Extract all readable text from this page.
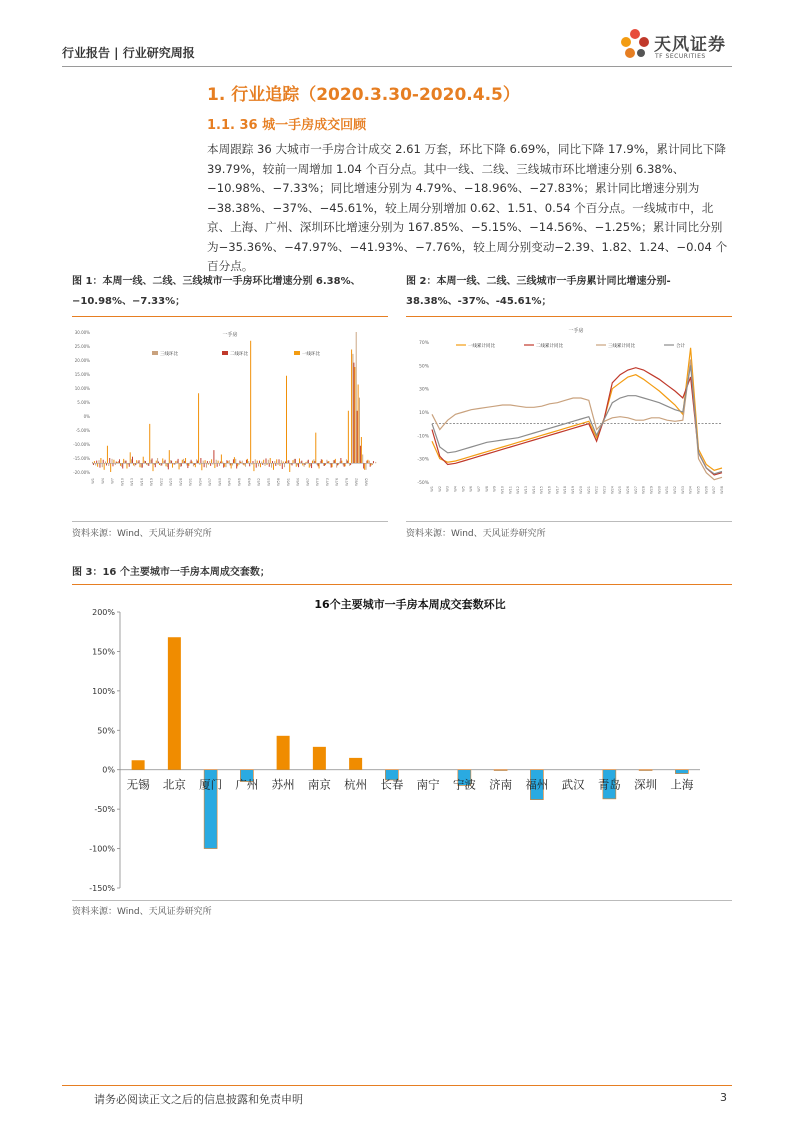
行业报告 | 行业研究周报	天风证券
TF SECURITIES
1. 行业追踪（2020.3.30-2020.4.5）
1.1. 36 城一手房成交回顾

本周跟踪 36 大城市一手房合计成交 2.61 万套，环比下降 6.69%，同比下降 17.9%，累计同比下降 39.79%，较前一周增加 1.04 个百分点。其中一线、二线、三线城市环比增速分别 6.38%、−10.98%、−7.33%；同比增速分别为 4.79%、−18.96%、−27.83%；累计同比增速分别为−38.38%、−37%、−45.61%，较上周分别增加 0.62、1.51、0.54 个百分点。一线城市中，北京、上海、广州、深圳环比增速分别为 167.85%、−5.15%、−14.56%、−1.25%；累计同比分别为−35.36%、−47.97%、−41.93%、−7.76%，较上周分别变动−2.39、1.82、1.24、−0.04 个百分点。

图 1：本周一线、二线、三线城市一手房环比增速分别 6.38%、
−10.98%、−7.33%；
图 2：本周一线、二线、三线城市一手房累计同比增速分别-
38.38%、-37%、-45.61%；
30.00%
25.00%
20.00%
15.00%
10.00%
5.00%
0%
-5.00%
-10.00%
-15.00%
-20.00%
一手房
三线环比	二线环比	一线环比
W1 W4 W7 W10 W13 W16 W19 W22 W25 W28 W31 W34 W37 W40 W43 W46 W49 W52 W55 W58 W61 W64 W67 W70 W73 W76 W79 W82 W85
资料来源：Wind、天风证券研究所
70%
50%
30%
10%
-10%
-30%
-50%
一手房
一线累计同比	二线累计同比	三线累计同比	合计
W1 W2 W3 W4 W5 W6 W7 W8 W9 W10 W11 W12 W13 W14 W15 W16 W17 W18 W19 W20 W21 W22 W23 W24 W25 W26 W27 W28 W29 W30 W31 W32 W33 W34 W35 W36 W37 W38
资料来源：Wind、天风证券研究所
图 3：16 个主要城市一手房本周成交套数；
16个主要城市一手房本周成交套数环比
200%
150%
100%
50%
0%
-50%
-100%
-150%
无锡 北京 厦门 广州 苏州 南京 杭州 长春 南宁 宁波 济南 福州 武汉 青岛 深圳 上海
资料来源：Wind、天风证券研究所
请务必阅读正文之后的信息披露和免责申明	3
